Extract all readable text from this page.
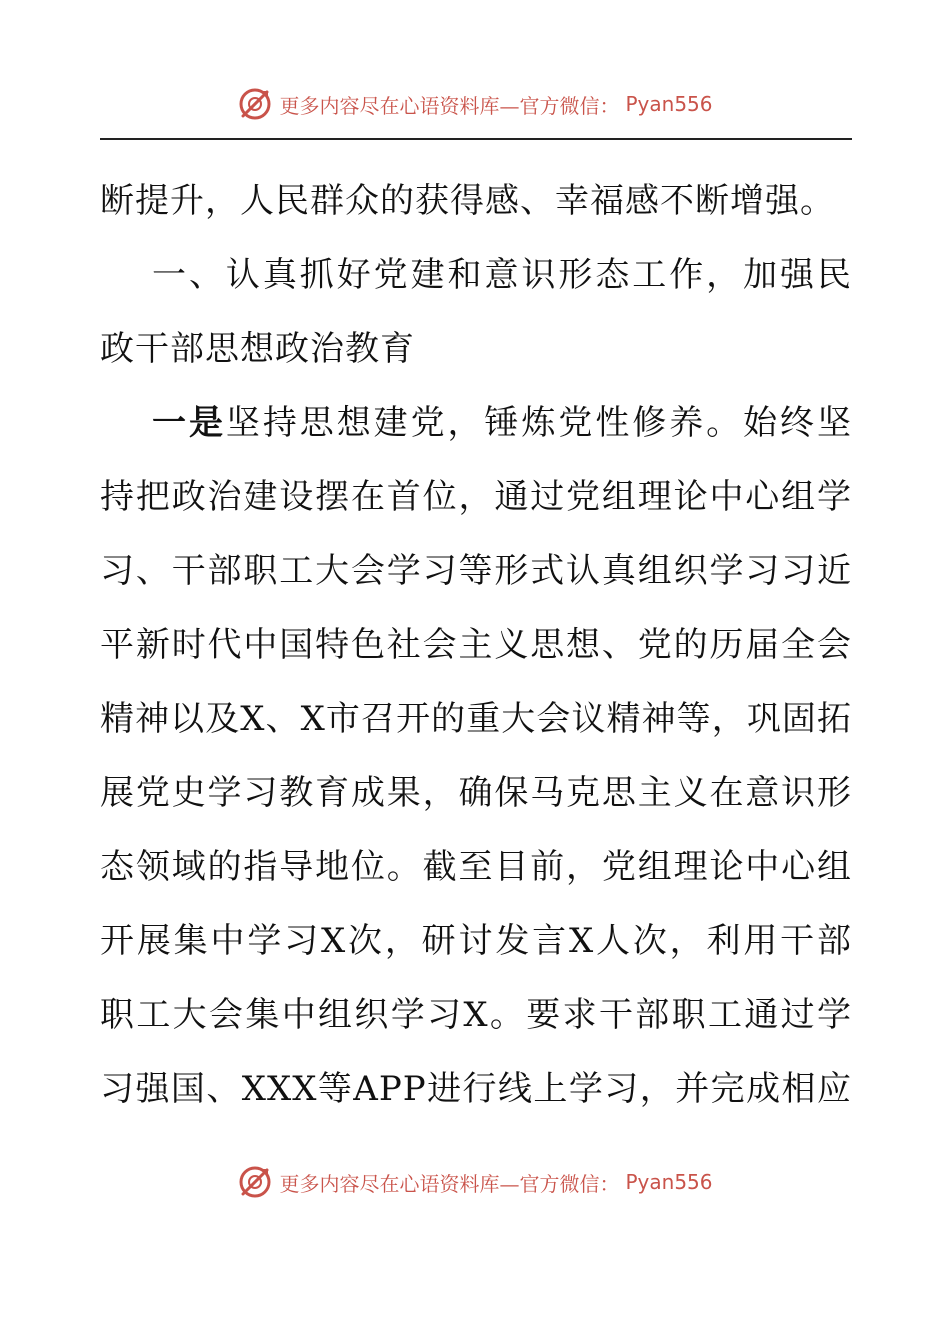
更多内容尽在心语资料库—官方微信： Pyan556
断提升，人民群众的获得感、幸福感不断增强。
一、认真抓好党建和意识形态工作，加强民
政干部思想政治教育
一是坚持思想建党，锤炼党性修养。始终坚
持把政治建设摆在首位，通过党组理论中心组学
习、干部职工大会学习等形式认真组织学习习近
平新时代中国特色社会主义思想、党的历届全会
精神以及X、X市召开的重大会议精神等，巩固拓
展党史学习教育成果，确保马克思主义在意识形
态领域的指导地位。截至目前，党组理论中心组
开展集中学习X次，研讨发言X人次，利用干部
职工大会集中组织学习X。要求干部职工通过学
习强国、XXX等APP进行线上学习，并完成相应
更多内容尽在心语资料库—官方微信： Pyan556
